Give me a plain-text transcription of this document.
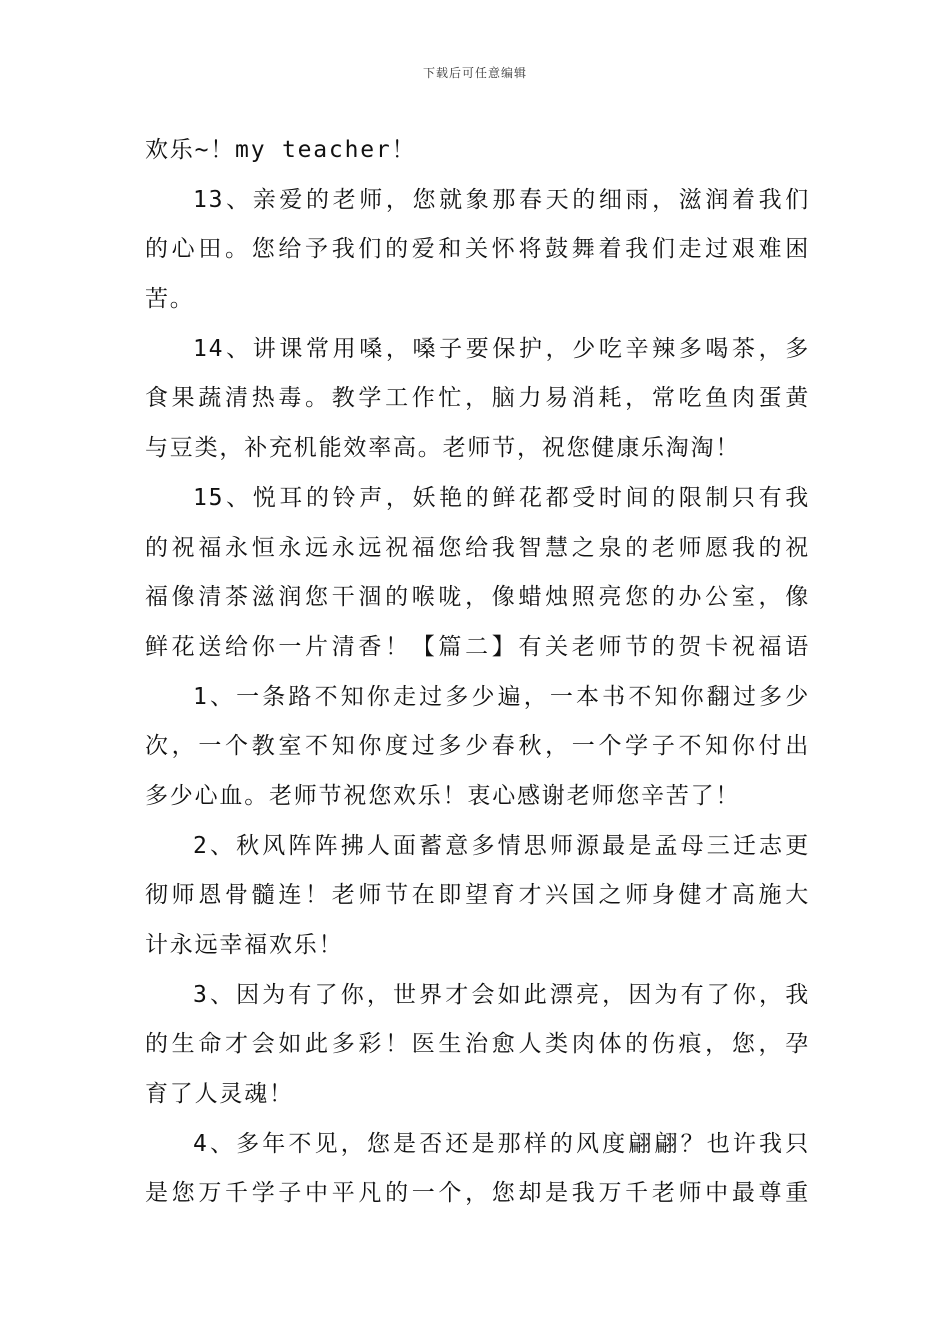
下载后可任意编辑
欢乐~！my teacher！
13、亲爱的老师，您就象那春天的细雨，滋润着我们
的心田。您给予我们的爱和关怀将鼓舞着我们走过艰难困
苦。
14、讲课常用嗓，嗓子要保护，少吃辛辣多喝茶，多
食果蔬清热毒。教学工作忙，脑力易消耗，常吃鱼肉蛋黄
与豆类，补充机能效率高。老师节，祝您健康乐淘淘！
15、悦耳的铃声，妖艳的鲜花都受时间的限制只有我
的祝福永恒永远永远祝福您给我智慧之泉的老师愿我的祝
福像清茶滋润您干涸的喉咙，像蜡烛照亮您的办公室，像
鲜花送给你一片清香！【篇二】有关老师节的贺卡祝福语
1、一条路不知你走过多少遍，一本书不知你翻过多少
次，一个教室不知你度过多少春秋，一个学子不知你付出
多少心血。老师节祝您欢乐！衷心感谢老师您辛苦了！
2、秋风阵阵拂人面蓄意多情思师源最是孟母三迁志更
彻师恩骨髓连！老师节在即望育才兴国之师身健才高施大
计永远幸福欢乐！
3、因为有了你，世界才会如此漂亮，因为有了你，我
的生命才会如此多彩！医生治愈人类肉体的伤痕，您，孕
育了人灵魂！
4、多年不见，您是否还是那样的风度翩翩？也许我只
是您万千学子中平凡的一个，您却是我万千老师中最尊重
